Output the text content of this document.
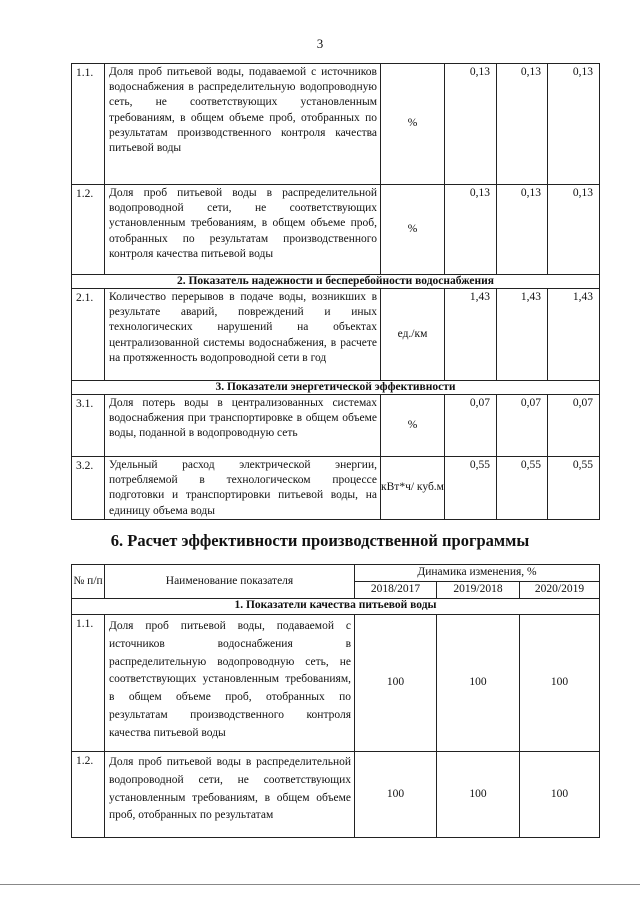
3
1.1.	Доля проб питьевой воды, подаваемой с источников водоснабжения в распределительную водопроводную сеть, не соответствующих установленным требованиям, в общем объеме проб, отобранных по результатам производственного контроля качества питьевой воды	%	0,13	0,13	0,13
1.2.	Доля проб питьевой воды в распределительной водопроводной сети, не соответствующих установленным требованиям, в общем объеме проб, отобранных по результатам производственного контроля качества питьевой воды	%	0,13	0,13	0,13
2. Показатель надежности и бесперебойности водоснабжения					
2.1.	Количество перерывов в подаче воды, возникших в результате аварий, повреждений и иных технологических нарушений на объектах централизованной системы водоснабжения, в расчете на протяженность водопроводной сети в год	ед./км	1,43	1,43	1,43
3. Показатели энергетической эффективности					
3.1.	Доля потерь воды в централизованных системах водоснабжения при транспортировке в общем объеме воды, поданной в водопроводную сеть	%	0,07	0,07	0,07
3.2.	Удельный расход электрической энергии, потребляемой в технологическом процессе подготовки и транспортировки питьевой воды, на единицу объема воды	кВт*ч/ куб.м	0,55	0,55	0,55
6. Расчет эффективности производственной программы
№ п/п	Наименование показателя	Динамика изменения, %		
		2018/2017	2019/2018	2020/2019
1. Показатели качества питьевой воды				
1.1.	Доля проб питьевой воды, подаваемой с источников водоснабжения в распределительную водопроводную сеть, не соответствующих установленным требованиям, в общем объеме проб, отобранных по результатам производственного контроля качества питьевой воды	100	100	100
1.2.	Доля проб питьевой воды в распределительной водопроводной сети, не соответствующих установленным требованиям, в общем объеме проб, отобранных по результатам	100	100	100
